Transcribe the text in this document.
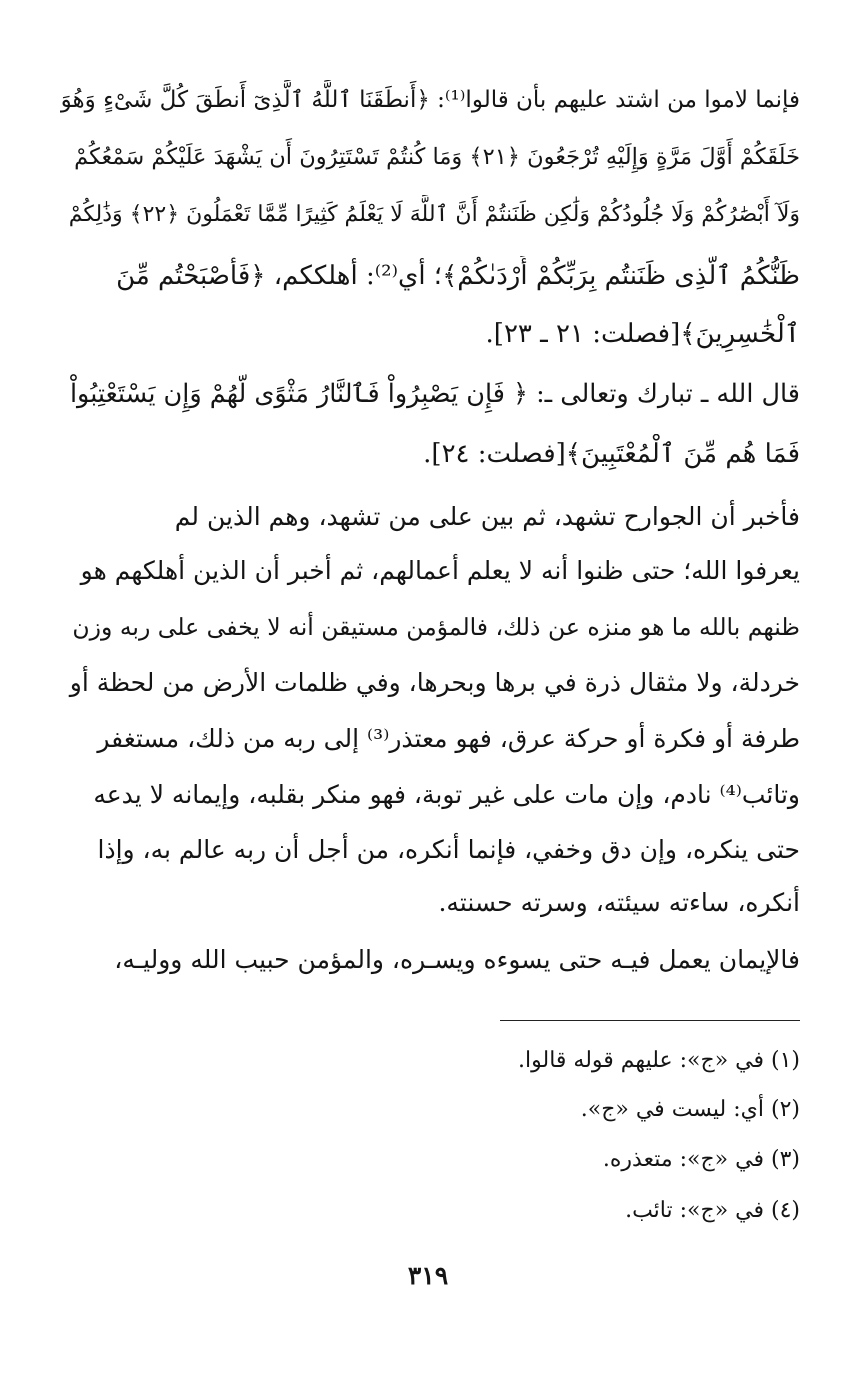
فإنما لاموا من اشتد عليهم بأن قالوا⁽¹⁾: ﴿أَنطَقَنَا ٱللَّهُ ٱلَّذِىٓ أَنطَقَ كُلَّ شَىْءٍ وَهُوَ
خَلَقَكُمْ أَوَّلَ مَرَّةٍ وَإِلَيْهِ تُرْجَعُونَ ﴿٢١﴾ وَمَا كُنتُمْ تَسْتَتِرُونَ أَن يَشْهَدَ عَلَيْكُمْ سَمْعُكُمْ
وَلَآ أَبْصَٰرُكُمْ وَلَا جُلُودُكُمْ وَلَٰكِن ظَنَنتُمْ أَنَّ ٱللَّهَ لَا يَعْلَمُ كَثِيرًا مِّمَّا تَعْمَلُونَ ﴿٢٢﴾ وَذَٰلِكُمْ
ظَنُّكُمُ ٱلَّذِى ظَنَنتُم بِرَبِّكُمْ أَرْدَىٰكُمْ﴾؛ أي⁽²⁾: أهلككم، ﴿فَأَصْبَحْتُم مِّنَ
ٱلْخَٰسِرِينَ﴾[فصلت: ٢١ ـ ٢٣].
قال الله ـ تبارك وتعالى ـ: ﴿ فَإِن يَصْبِرُواْ فَٱلنَّارُ مَثْوًى لَّهُمْ وَإِن يَسْتَعْتِبُواْ
فَمَا هُم مِّنَ ٱلْمُعْتَبِينَ﴾[فصلت: ٢٤].
فأخبر أن الجوارح تشهد، ثم بين على من تشهد، وهم الذين لم
يعرفوا الله؛ حتى ظنوا أنه لا يعلم أعمالهم، ثم أخبر أن الذين أهلكهم هو
ظنهم بالله ما هو منزه عن ذلك، فالمؤمن مستيقن أنه لا يخفى على ربه وزن
خردلة، ولا مثقال ذرة في برها وبحرها، وفي ظلمات الأرض من لحظة أو
طرفة أو فكرة أو حركة عرق، فهو معتذر⁽³⁾ إلى ربه من ذلك، مستغفر
وتائب⁽⁴⁾ نادم، وإن مات على غير توبة، فهو منكر بقلبه، وإيمانه لا يدعه
حتى ينكره، وإن دق وخفي، فإنما أنكره، من أجل أن ربه عالم به، وإذا
أنكره، ساءته سيئته، وسرته حسنته.
فالإيمان يعمل فيـه حتى يسوءه ويسـره، والمؤمن حبيب الله ووليـه،
(١) في «ج»: عليهم قوله قالوا.
(٢) أي: ليست في «ج».
(٣) في «ج»: متعذره.
(٤) في «ج»: تائب.
٣١٩
